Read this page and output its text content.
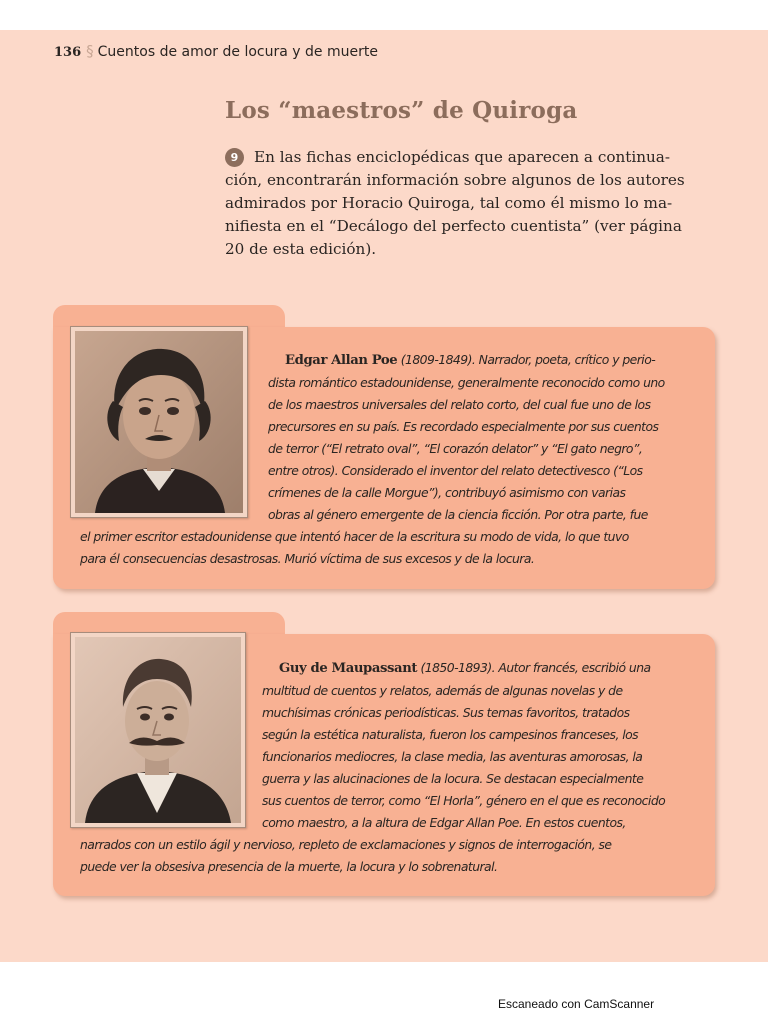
136 § Cuentos de amor de locura y de muerte
Los “maestros” de Quiroga
9 En las fichas enciclopédicas que aparecen a continua-
ción, encontrarán información sobre algunos de los autores
admirados por Horacio Quiroga, tal como él mismo lo ma-
nifiesta en el “Decálogo del perfecto cuentista” (ver página
20 de esta edición).
Edgar Allan Poe (1809-1849). Narrador, poeta, crítico y perio-
dista romántico estadounidense, generalmente reconocido como uno
de los maestros universales del relato corto, del cual fue uno de los
precursores en su país. Es recordado especialmente por sus cuentos
de terror (“El retrato oval”, “El corazón delator” y “El gato negro”,
entre otros). Considerado el inventor del relato detectivesco (“Los
crímenes de la calle Morgue”), contribuyó asimismo con varias
obras al género emergente de la ciencia ficción. Por otra parte, fue
el primer escritor estadounidense que intentó hacer de la escritura su modo de vida, lo que tuvo
para él consecuencias desastrosas. Murió víctima de sus excesos y de la locura.
Guy de Maupassant (1850-1893). Autor francés, escribió una
multitud de cuentos y relatos, además de algunas novelas y de
muchísimas crónicas periodísticas. Sus temas favoritos, tratados
según la estética naturalista, fueron los campesinos franceses, los
funcionarios mediocres, la clase media, las aventuras amorosas, la
guerra y las alucinaciones de la locura. Se destacan especialmente
sus cuentos de terror, como “El Horla”, género en el que es reconocido
como maestro, a la altura de Edgar Allan Poe. En estos cuentos,
narrados con un estilo ágil y nervioso, repleto de exclamaciones y signos de interrogación, se
puede ver la obsesiva presencia de la muerte, la locura y lo sobrenatural.
Escaneado con CamScanner
